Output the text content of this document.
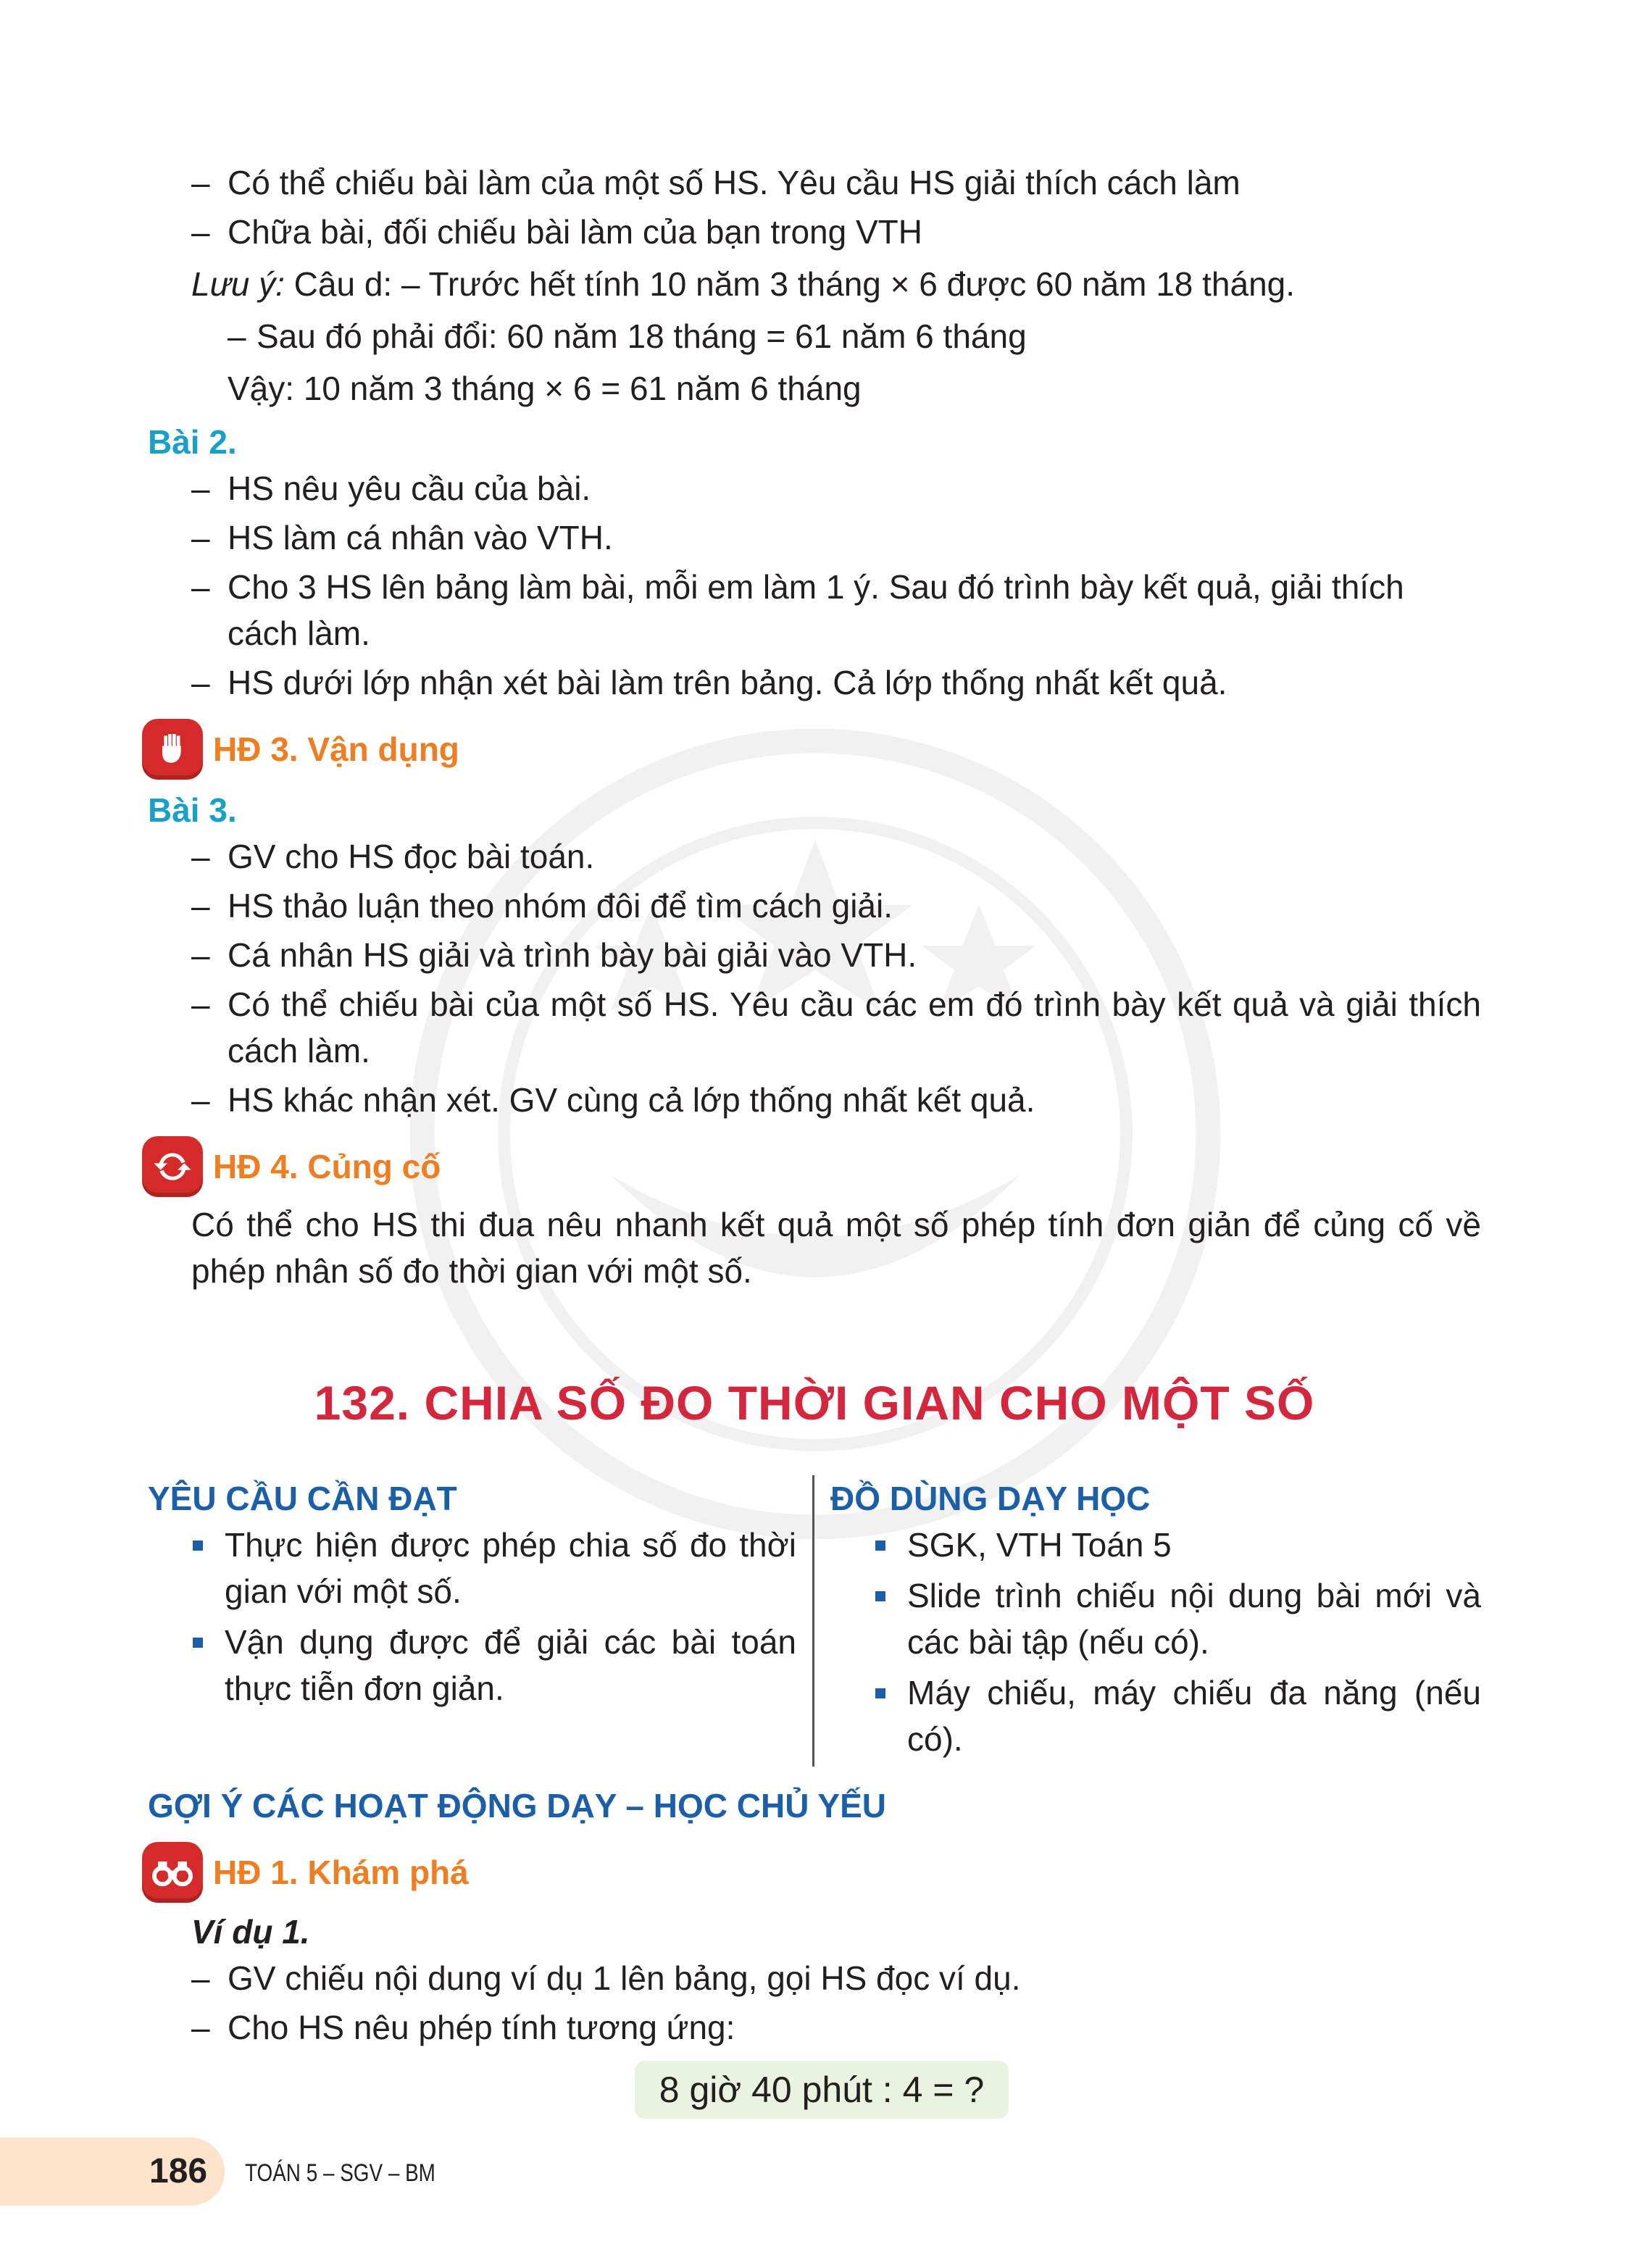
– Có thể chiếu bài làm của một số HS. Yêu cầu HS giải thích cách làm
– Chữa bài, đối chiếu bài làm của bạn trong VTH
Lưu ý: Câu d: – Trước hết tính 10 năm 3 tháng × 6 được 60 năm 18 tháng.
– Sau đó phải đổi: 60 năm 18 tháng = 61 năm 6 tháng
Vậy: 10 năm 3 tháng × 6 = 61 năm 6 tháng
Bài 2.
– HS nêu yêu cầu của bài.
– HS làm cá nhân vào VTH.
– Cho 3 HS lên bảng làm bài, mỗi em làm 1 ý. Sau đó trình bày kết quả, giải thích cách làm.
– HS dưới lớp nhận xét bài làm trên bảng. Cả lớp thống nhất kết quả.
HĐ 3. Vận dụng
Bài 3.
– GV cho HS đọc bài toán.
– HS thảo luận theo nhóm đôi để tìm cách giải.
– Cá nhân HS giải và trình bày bài giải vào VTH.
– Có thể chiếu bài của một số HS. Yêu cầu các em đó trình bày kết quả và giải thích cách làm.
– HS khác nhận xét. GV cùng cả lớp thống nhất kết quả.
HĐ 4. Củng cố
Có thể cho HS thi đua nêu nhanh kết quả một số phép tính đơn giản để củng cố về phép nhân số đo thời gian với một số.
132. CHIA SỐ ĐO THỜI GIAN CHO MỘT SỐ
YÊU CẦU CẦN ĐẠT
Thực hiện được phép chia số đo thời gian với một số.
Vận dụng được để giải các bài toán thực tiễn đơn giản.
ĐỒ DÙNG DẠY HỌC
SGK, VTH Toán 5
Slide trình chiếu nội dung bài mới và các bài tập (nếu có).
Máy chiếu, máy chiếu đa năng (nếu có).
GỢI Ý CÁC HOẠT ĐỘNG DẠY – HỌC CHỦ YẾU
HĐ 1. Khám phá
Ví dụ 1.
– GV chiếu nội dung ví dụ 1 lên bảng, gọi HS đọc ví dụ.
– Cho HS nêu phép tính tương ứng:
8 giờ 40 phút : 4 = ?
186 TOÁN 5 – SGV – BM
